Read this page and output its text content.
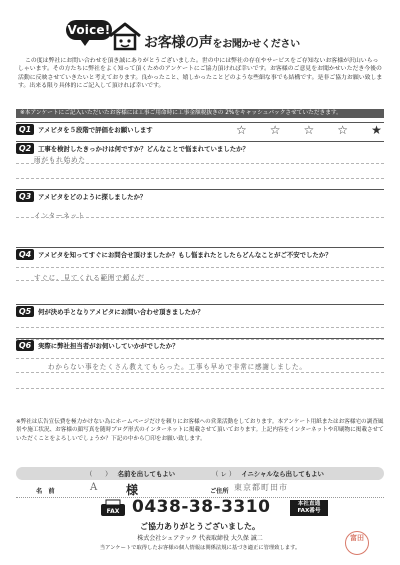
Voice!
お客様の声をお聞かせください
この度は弊社にお問い合わせを頂き誠にありがとうございました。世の中には弊社の存在やサービスをご存知ないお客様が沢山いらっしゃいます。その方たちに弊社をよく知って頂くためのアンケートにご協力頂ければ幸いです。お客様のご意見をお聞かせいただき今後の活動に反映させていきたいと考えております。良かったこと、嬉しかったことどのような些細な事でも結構です。是非ご協力お願い致します。出来る限り具体的にご記入して頂ければ幸いです。
※本アンケートにご記入いただいたお客様には工事ご用命時に工事金額税抜きの 2%をキャッシュバックさせていただきます。
Q1	アメピタを５段階で評価をお願いします	☆ ☆ ☆ ☆ ★
Q2	工事を検討したきっかけは何ですか？どんなことで悩まれていましたか？
雨がもれ始めた
Q3	アメピタをどのように探しましたか？
インターネット
Q4	アメピタを知ってすぐにお問合せ頂けましたか？もし悩まれたとしたらどんなことがご不安でしたか？
すぐに、見てくれる範囲で頼んだ
Q5	何が決め手となりアメピタにお問い合わせ頂きましたか？
Q6	実際に弊社担当者がお伺いしていかがでしたか？
わからない事をたくさん教えてもらった。工事も早めで非常に感謝しました。
※弊社は広告宣伝費を極力かけない為にホームページだけを頼りにお客様への営業活動をしております。本アンケート用紙またはお客様宅の調査風景や施工状況、お客様の顔写真を随時ブログ形式のインターネットに掲載させて頂いております。上記内容をインターネットや印刷物に掲載させていただくことをよろしいでしょうか？下記の中から〇印をお願い致します。
（　　） 名前を出してもよい	（ レ ） イニシャルなら出してもよい
名　前	A 様	ご住所 東京都町田市
FAX 0438-38-3310	本社直通
FAX番号
ご協力ありがとうございました。
株式会社シェアテック 代表取締役 大久保 誠二
当アンケートで取得したお客様の個人情報は関係法規に基づき適正に管理致します。
富田
